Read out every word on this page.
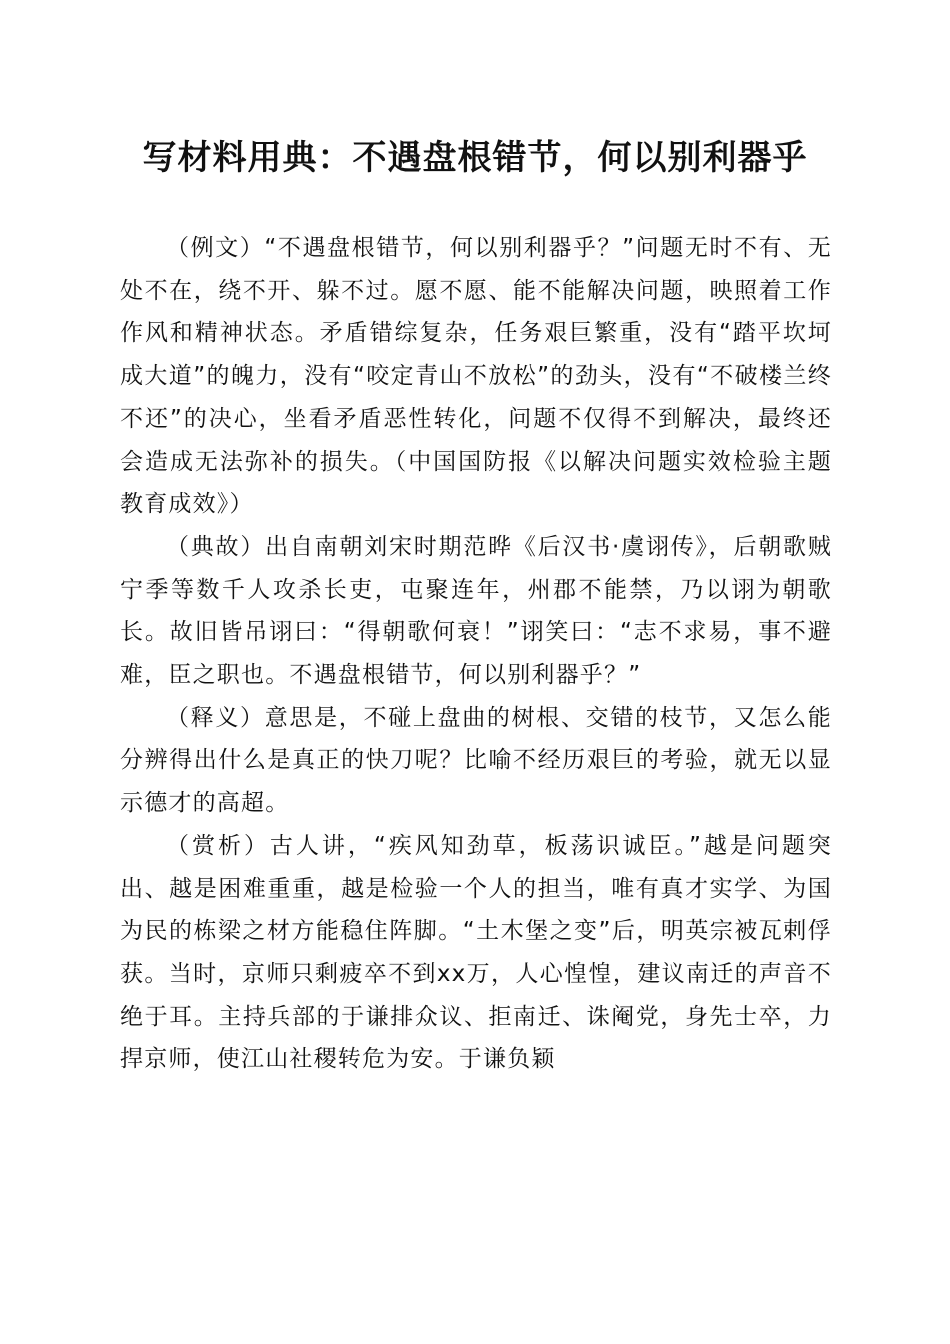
写材料用典：不遇盘根错节，何以别利器乎

（例文）“不遇盘根错节，何以别利器乎？”问题无时不有、无处不在，绕不开、躲不过。愿不愿、能不能解决问题，映照着工作作风和精神状态。矛盾错综复杂，任务艰巨繁重，没有“踏平坎坷成大道”的魄力，没有“咬定青山不放松”的劲头，没有“不破楼兰终不还”的决心，坐看矛盾恶性转化，问题不仅得不到解决，最终还会造成无法弥补的损失。（中国国防报《以解决问题实效检验主题教育成效》）

（典故）出自南朝刘宋时期范晔《后汉书·虞诩传》，后朝歌贼宁季等数千人攻杀长吏，屯聚连年，州郡不能禁，乃以诩为朝歌长。故旧皆吊诩曰：“得朝歌何衰！”诩笑曰：“志不求易，事不避难，臣之职也。不遇盘根错节，何以别利器乎？”

（释义）意思是，不碰上盘曲的树根、交错的枝节，又怎么能分辨得出什么是真正的快刀呢？比喻不经历艰巨的考验，就无以显示德才的高超。

（赏析）古人讲，“疾风知劲草，板荡识诚臣。”越是问题突出、越是困难重重，越是检验一个人的担当，唯有真才实学、为国为民的栋梁之材方能稳住阵脚。“土木堡之变”后，明英宗被瓦剌俘获。当时，京师只剩疲卒不到xx万，人心惶惶，建议南迁的声音不绝于耳。主持兵部的于谦排众议、拒南迁、诛阉党，身先士卒，力捍京师，使江山社稷转危为安。于谦负颖
